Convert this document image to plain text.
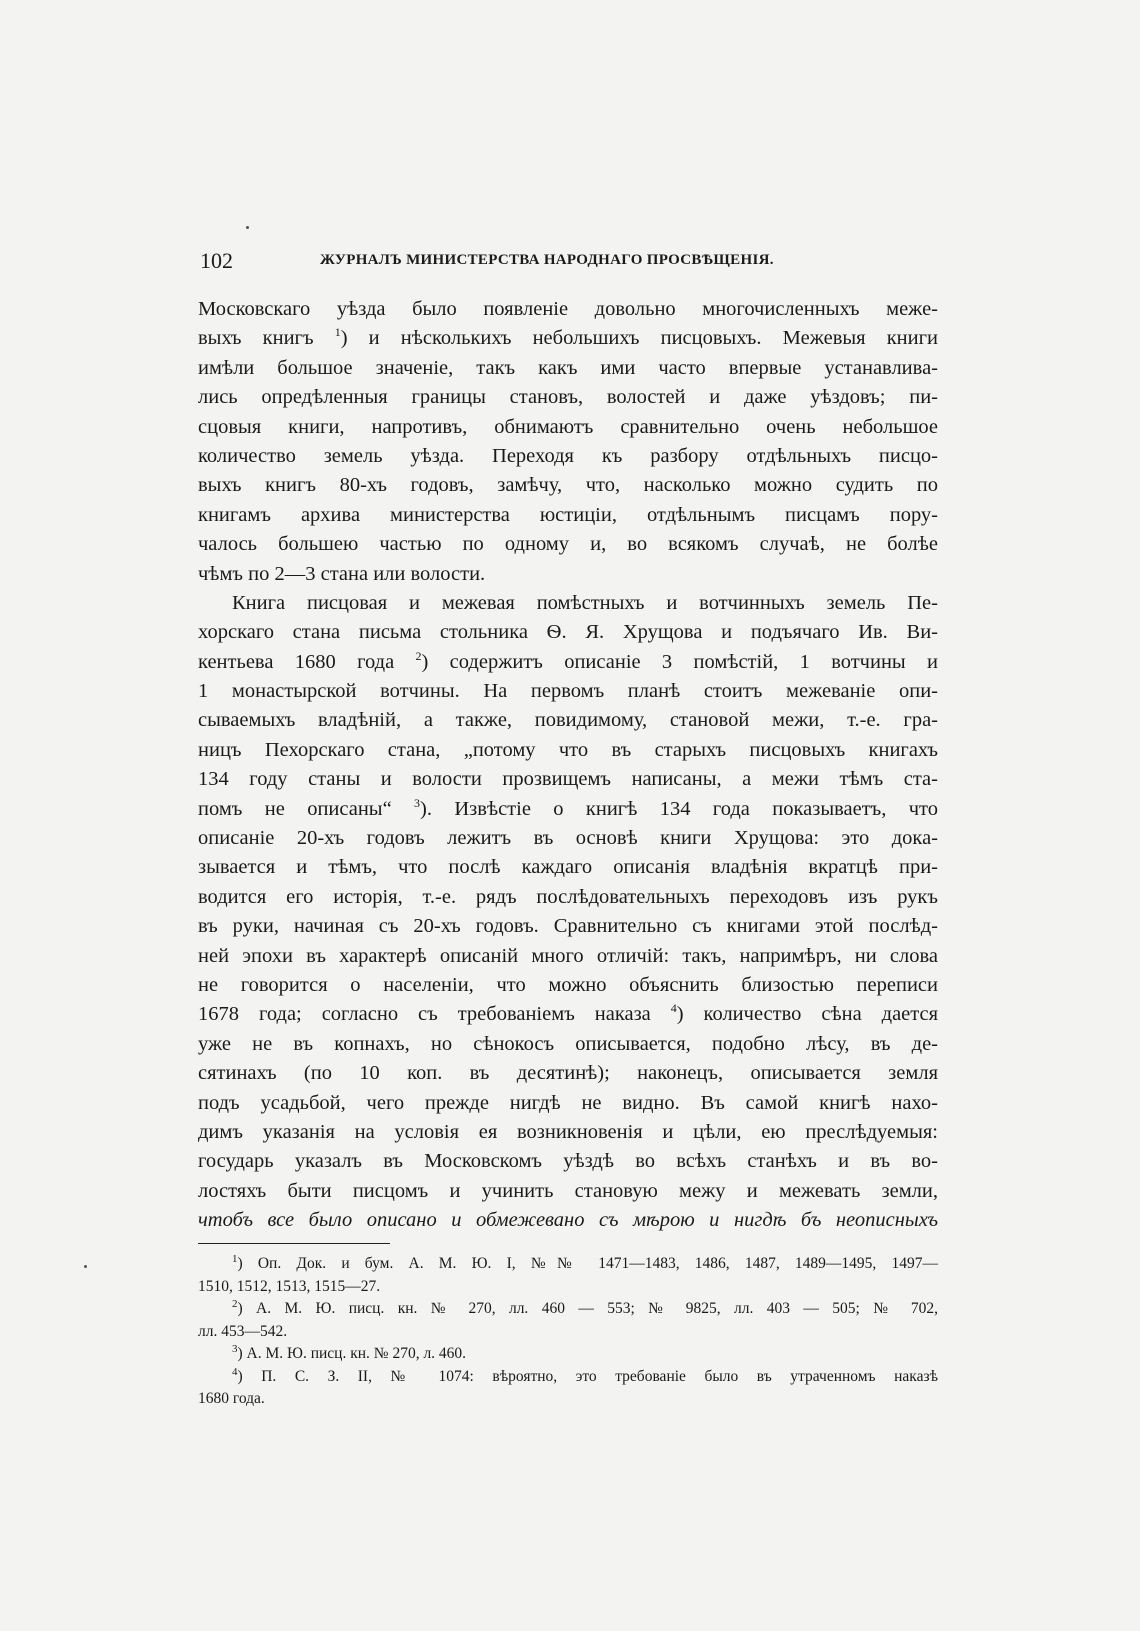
102	ЖУРНАЛЪ МИНИСТЕРСТВА НАРОДНАГО ПРОСВѢЩЕНІЯ.
Московскаго уѣзда было появленіе довольно многочисленныхъ меже-
выхъ книгъ $^1$) и нѣсколькихъ небольшихъ писцовыхъ. Межевыя книги
имѣли большое значеніе, такъ какъ ими часто впервые устанавлива-
лись опредѣленныя границы становъ, волостей и даже уѣздовъ; пи-
сцовыя книги, напротивъ, обнимаютъ сравнительно очень небольшое
количество земель уѣзда. Переходя къ разбору отдѣльныхъ писцо-
выхъ книгъ 80-хъ годовъ, замѣчу, что, насколько можно судить по
книгамъ архива министерства юстиціи, отдѣльнымъ писцамъ пору-
чалось большею частью по одному и, во всякомъ случаѣ, не болѣе
чѣмъ по 2—3 стана или волости.
Книга писцовая и межевая помѣстныхъ и вотчинныхъ земель Пе-
хорскаго стана письма стольника Ѳ. Я. Хрущова и подъячаго Ив. Ви-
кентьева 1680 года $^2$) содержитъ описаніе 3 помѣстій, 1 вотчины и
1 монастырской вотчины. На первомъ планѣ стоитъ межеваніе опи-
сываемыхъ владѣній, а также, повидимому, становой межи, т.-е. гра-
ницъ Пехорскаго стана, „потому что въ старыхъ писцовыхъ книгахъ
134 году станы и волости прозвищемъ написаны, а межи тѣмъ ста-
помъ не описаны“ $^3$). Извѣстіе о книгѣ 134 года показываетъ, что
описаніе 20-хъ годовъ лежитъ въ основѣ книги Хрущова: это дока-
зывается и тѣмъ, что послѣ каждаго описанія владѣнія вкратцѣ при-
водится его исторія, т.-е. рядъ послѣдовательныхъ переходовъ изъ рукъ
въ руки, начиная съ 20-хъ годовъ. Сравнительно съ книгами этой послѣд-
ней эпохи въ характерѣ описаній много отличій: такъ, напримѣръ, ни слова
не говорится о населеніи, что можно объяснить близостью переписи
1678 года; согласно съ требованіемъ наказа $^4$) количество сѣна дается
уже не въ копнахъ, но сѣнокосъ описывается, подобно лѣсу, въ де-
сятинахъ (по 10 коп. въ десятинѣ); наконецъ, описывается земля
подъ усадьбой, чего прежде нигдѣ не видно. Въ самой книгѣ нахо-
димъ указанія на условія ея возникновенія и цѣли, ею преслѣдуемыя:
государь указалъ въ Московскомъ уѣздѣ во всѣхъ станѣхъ и въ во-
лостяхъ быти писцомъ и учинить становую межу и межевать земли,
чтобъ все было описано и обмежевано съ мѣрою и нигдѣ бъ неописныхъ
$^1$) Оп. Док. и бум. А. М. Ю. I, №№ 1471—1483, 1486, 1487, 1489—1495, 1497—
1510, 1512, 1513, 1515—27.
$^2$) А. М. Ю. писц. кн. № 270, лл. 460 — 553; № 9825, лл. 403 — 505; № 702,
лл. 453—542.
$^3$) А. М. Ю. писц. кн. № 270, л. 460.
$^4$) П. С. З. II, № 1074: вѣроятно, это требованіе было въ утраченномъ наказѣ
1680 года.
